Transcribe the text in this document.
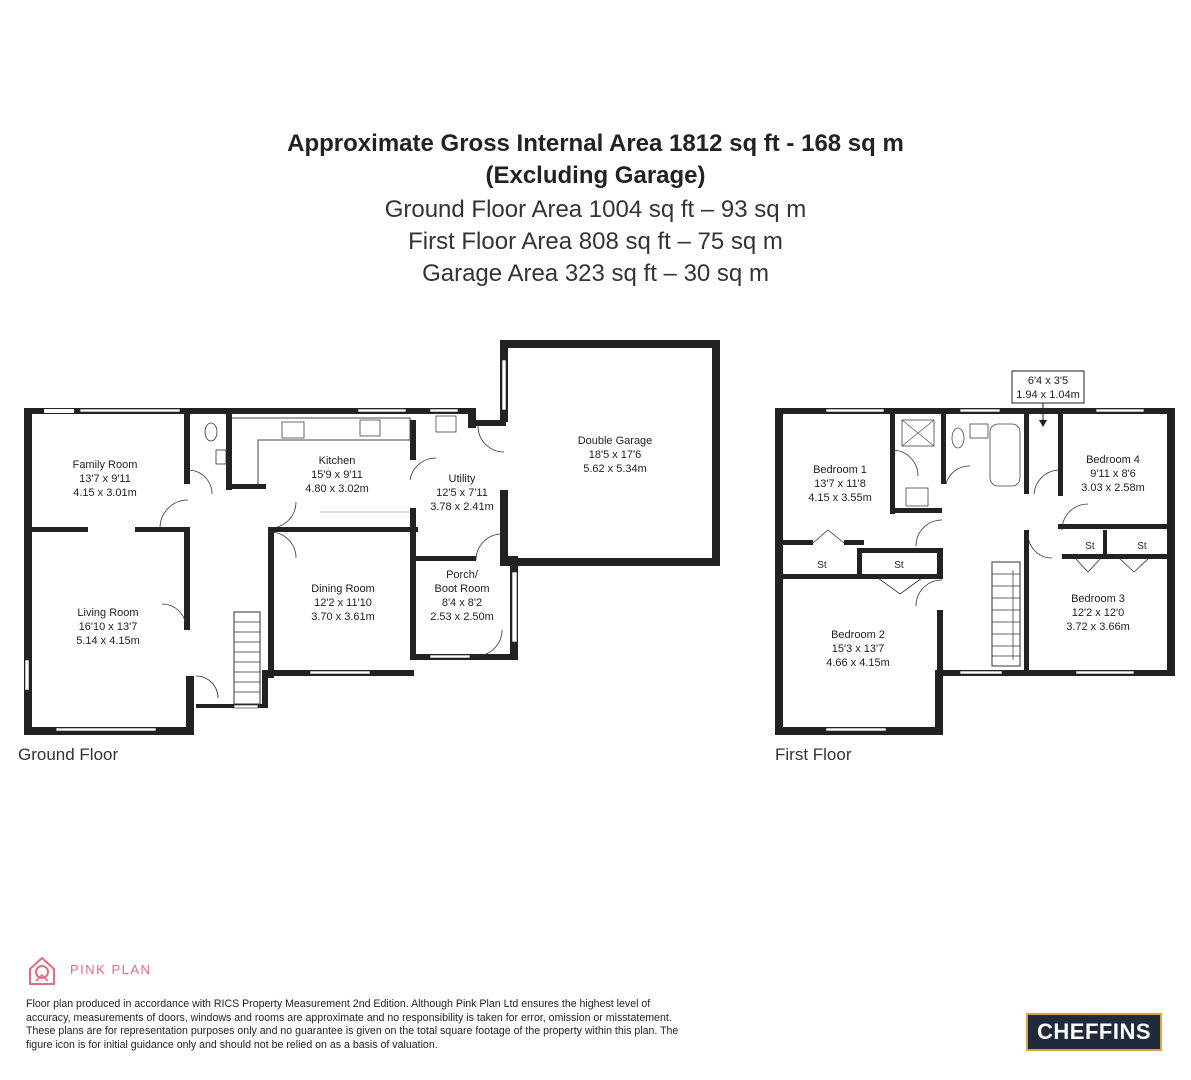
Approximate Gross Internal Area 1812 sq ft - 168 sq m
(Excluding Garage)
Ground Floor Area 1004 sq ft – 93 sq m
First Floor Area 808 sq ft – 75 sq m
Garage Area 323 sq ft – 30 sq m
Family Room
13'7 x 9'11
4.15 x 3.01m
Kitchen
15'9 x 9'11
4.80 x 3.02m
Utility
12'5 x 7'11
3.78 x 2.41m
Double Garage
18'5 x 17'6
5.62 x 5.34m
Living Room
16'10 x 13'7
5.14 x 4.15m
Dining Room
12'2 x 11'10
3.70 x 3.61m
Porch/
Boot Room
8'4 x 8'2
2.53 x 2.50m
6'4 x 3'5
1.94 x 1.04m
Bedroom 1
13'7 x 11'8
4.15 x 3.55m
Bedroom 4
9'11 x 8'6
3.03 x 2.58m
Bedroom 2
15'3 x 13'7
4.66 x 4.15m
Bedroom 3
12'2 x 12'0
3.72 x 3.66m
St	St
St	St
Ground Floor	First Floor
PINK PLAN
Floor plan produced in accordance with RICS Property Measurement 2nd Edition. Although Pink Plan Ltd ensures the highest level of accuracy, measurements of doors, windows and rooms are approximate and no responsibility is taken for error, omission or misstatement. These plans are for representation purposes only and no guarantee is given on the total square footage of the property within this plan. The figure icon is for initial guidance only and should not be relied on as a basis of valuation.
CHEFFINS
